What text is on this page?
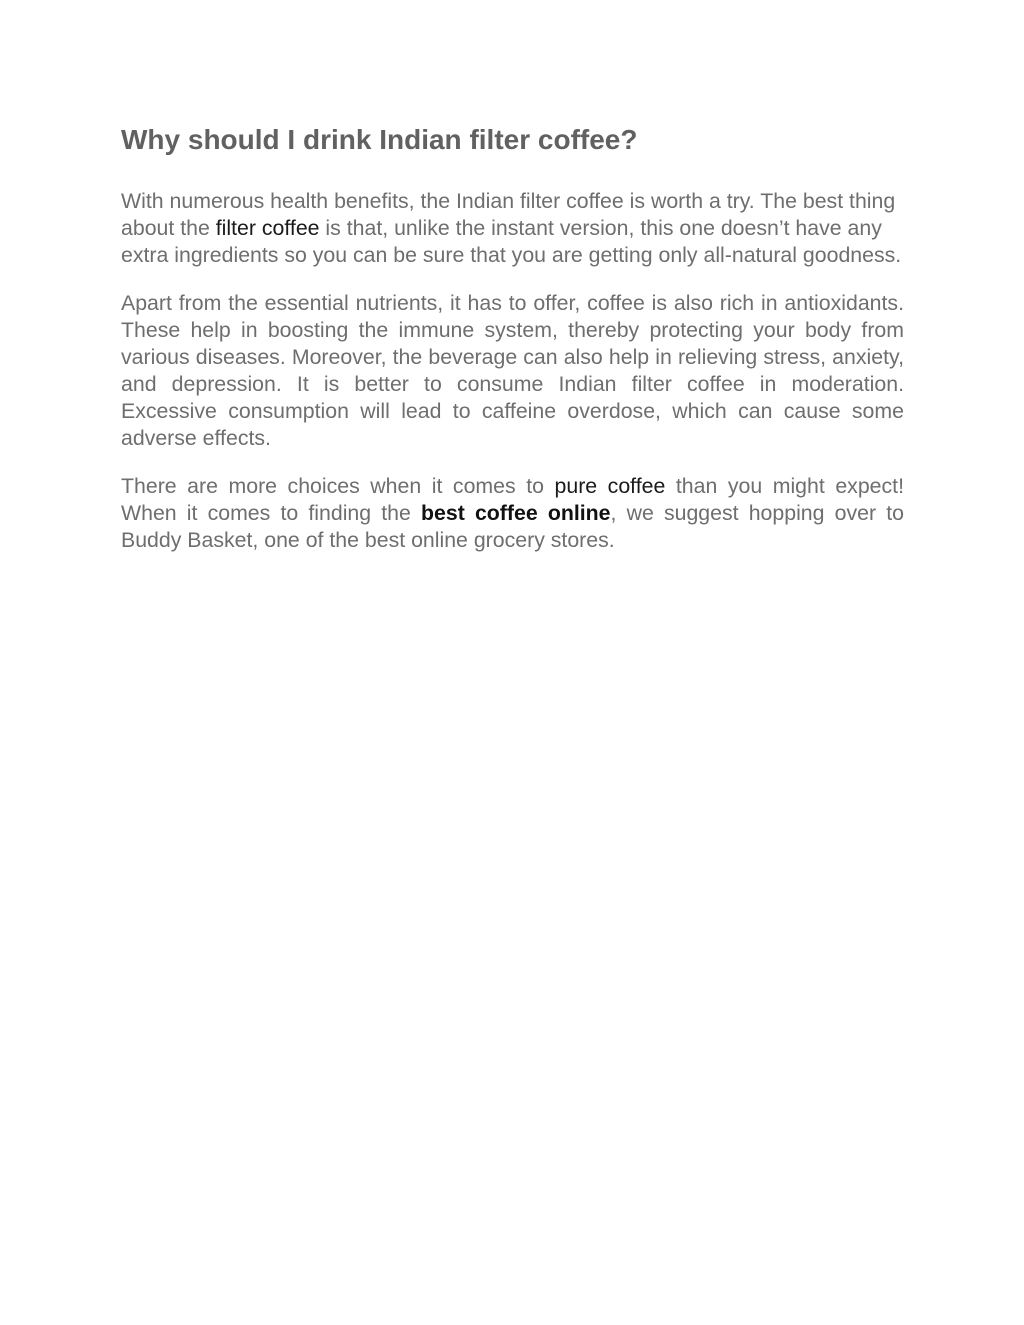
Why should I drink Indian filter coffee?

With numerous health benefits, the Indian filter coffee is worth a try. The best thing about the filter coffee is that, unlike the instant version, this one doesn’t have any extra ingredients so you can be sure that you are getting only all-natural goodness.

Apart from the essential nutrients, it has to offer, coffee is also rich in antioxidants. These help in boosting the immune system, thereby protecting your body from various diseases. Moreover, the beverage can also help in relieving stress, anxiety, and depression. It is better to consume Indian filter coffee in moderation. Excessive consumption will lead to caffeine overdose, which can cause some adverse effects.

There are more choices when it comes to pure coffee than you might expect! When it comes to finding the best coffee online, we suggest hopping over to Buddy Basket, one of the best online grocery stores.
